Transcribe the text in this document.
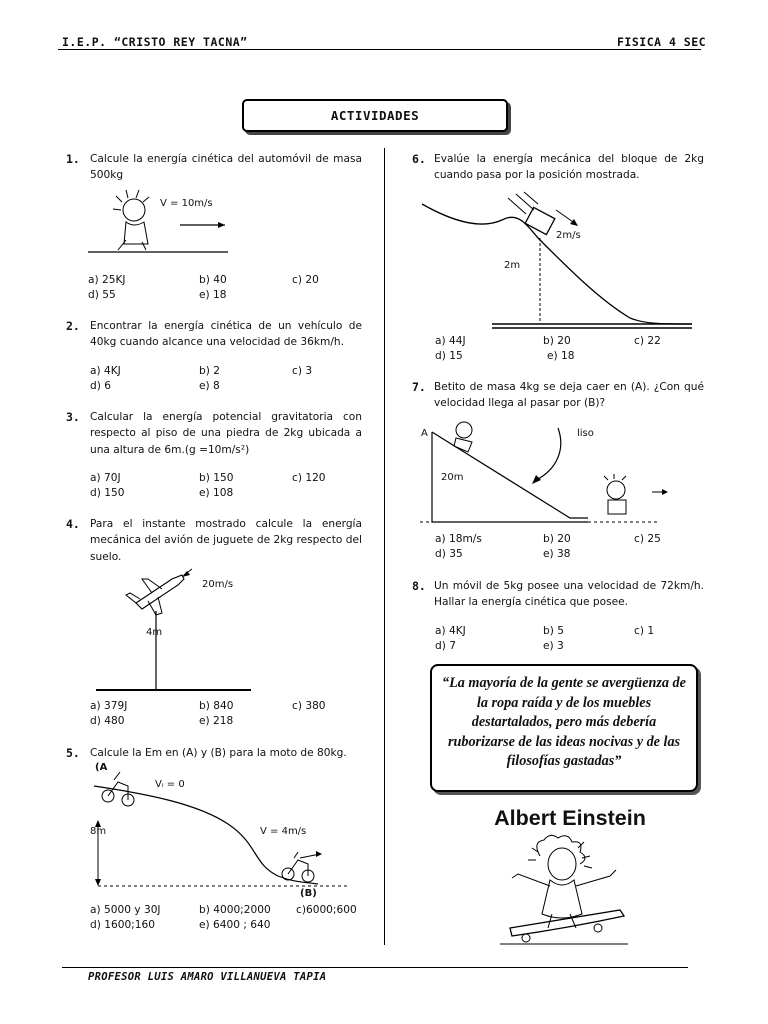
I.E.P. “CRISTO REY TACNA”	FISICA 4 SEC
ACTIVIDADES
1. Calcule la energía cinética del automóvil de masa 500kg
V = 10m/s
a) 25KJ	b) 40	c) 20
d) 55	e) 18
2. Encontrar la energía cinética de un vehículo de 40kg cuando alcance una velocidad de 36km/h.
a) 4KJ	b) 2	c) 3
d) 6	e) 8
3. Calcular la energía potencial gravitatoria con respecto al piso de una piedra de 2kg ubicada a una altura de 6m.(g =10m/s²)
a) 70J	b) 150	c) 120
d) 150	e) 108
4. Para el instante mostrado calcule la energía mecánica del avión de juguete de 2kg respecto del suelo.
20m/s
4m
a) 379J	b) 840	c) 380
d) 480	e) 218
5. Calcule la Em en (A) y (B) para la moto de 80kg.
(A
Vᵢ = 0
8m	V = 4m/s
(B)
a) 5000 y 30J	b) 4000;2000 c)6000;600
d) 1600;160	e) 6400 ; 640
6. Evalúe la energía mecánica del bloque de 2kg cuando pasa por la posición mostrada.
2m/s
2m
a) 44J	b) 20	c) 22
d) 15	e) 18
7. Betito de masa 4kg se deja caer en (A). ¿Con qué velocidad llega al pasar por (B)?
A	liso
20m
a) 18m/s	b) 20	c) 25
d) 35	e) 38
8. Un móvil de 5kg posee una velocidad de 72km/h. Hallar la energía cinética que posee.
a) 4KJ	b) 5	c) 1
d) 7	e) 3
“La mayoría de la gente se avergüenza de la ropa raída y de los muebles destartalados, pero más debería ruborizarse de las ideas nocivas y de las filosofías gastadas”
Albert Einstein
PROFESOR LUIS AMARO VILLANUEVA TAPIA
